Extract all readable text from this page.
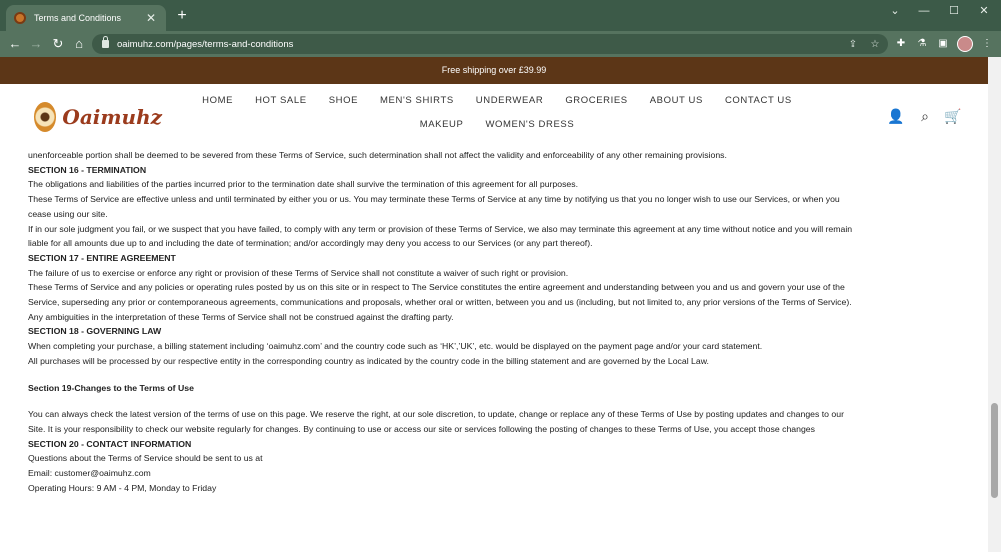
Terms and Conditions	✕	+	⌄	—	☐	✕
← → ↻ ⌂	oaimuhz.com/pages/terms-and-conditions	⇪ ☆	✚	⚗	▣	⋮
Free shipping over £39.99
Oaimuhz
HOME	HOT SALE	SHOE	MEN'S SHIRTS	UNDERWEAR	GROCERIES	ABOUT US	CONTACT US
MAKEUP	WOMEN'S DRESS
👤	⌕	🛒

unenforceable portion shall be deemed to be severed from these Terms of Service, such determination shall not affect the validity and enforceability of any other remaining provisions.

SECTION 16 - TERMINATION

The obligations and liabilities of the parties incurred prior to the termination date shall survive the termination of this agreement for all purposes.

These Terms of Service are effective unless and until terminated by either you or us. You may terminate these Terms of Service at any time by notifying us that you no longer wish to use our Services, or when you

cease using our site.

If in our sole judgment you fail, or we suspect that you have failed, to comply with any term or provision of these Terms of Service, we also may terminate this agreement at any time without notice and you will remain

liable for all amounts due up to and including the date of termination; and/or accordingly may deny you access to our Services (or any part thereof).

SECTION 17 - ENTIRE AGREEMENT

The failure of us to exercise or enforce any right or provision of these Terms of Service shall not constitute a waiver of such right or provision.

These Terms of Service and any policies or operating rules posted by us on this site or in respect to The Service constitutes the entire agreement and understanding between you and us and govern your use of the

Service, superseding any prior or contemporaneous agreements, communications and proposals, whether oral or written, between you and us (including, but not limited to, any prior versions of the Terms of Service).

Any ambiguities in the interpretation of these Terms of Service shall not be construed against the drafting party.

SECTION 18 - GOVERNING LAW

When completing your purchase, a billing statement including ‘oaimuhz.com’ and the country code such as ‘HK’,’UK’, etc. would be displayed on the payment page and/or your card statement.

All purchases will be processed by our respective entity in the corresponding country as indicated by the country code in the billing statement and are governed by the Local Law.

Section 19-Changes to the Terms of Use

You can always check the latest version of the terms of use on this page. We reserve the right, at our sole discretion, to update, change or replace any of these Terms of Use by posting updates and changes to our

Site. It is your responsibility to check our website regularly for changes. By continuing to use or access our site or services following the posting of changes to these Terms of Use, you accept those changes

SECTION 20 - CONTACT INFORMATION

Questions about the Terms of Service should be sent to us at

Email: customer@oaimuhz.com

Operating Hours: 9 AM - 4 PM, Monday to Friday
